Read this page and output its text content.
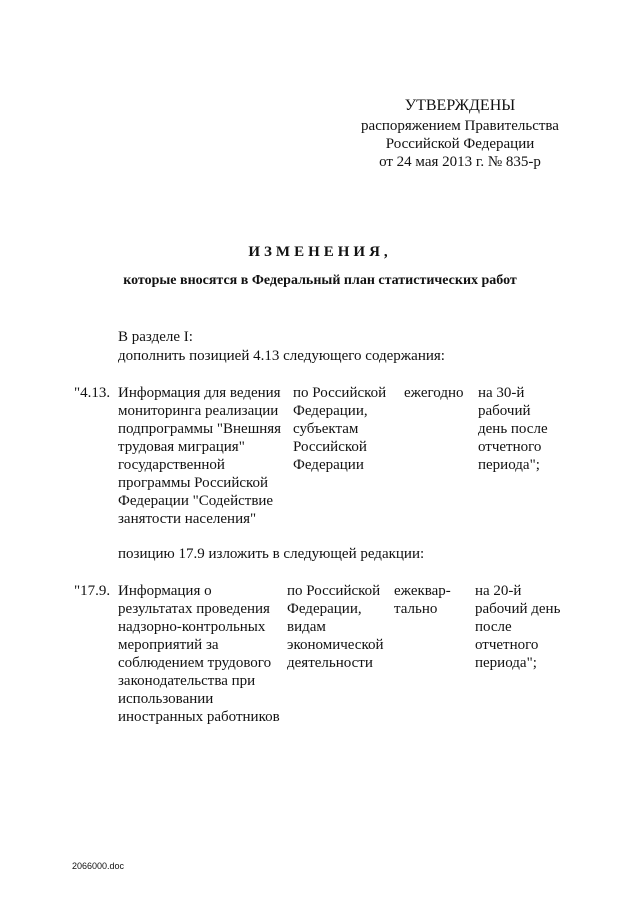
УТВЕРЖДЕНЫ
распоряжением Правительства
Российской Федерации
от 24 мая 2013 г. № 835-р
ИЗМЕНЕНИЯ,
которые вносятся в Федеральный план статистических работ
В разделе I:
дополнить позицией 4.13 следующего содержания:
"4.13. Информация для ведения
мониторинга реализации
подпрограммы "Внешняя
трудовая миграция"
государственной
программы Российской
Федерации "Содействие
занятости населения"
по Российской
Федерации,
субъектам
Российской
Федерации
ежегодно на 30-й
рабочий
день после
отчетного
периода";
позицию 17.9 изложить в следующей редакции:
"17.9. Информация о
результатах проведения
надзорно-контрольных
мероприятий за
соблюдением трудового
законодательства при
использовании
иностранных работников
по Российской
Федерации,
видам
экономической
деятельности
ежеквар-
тально
на 20-й
рабочий день
после
отчетного
периода";
2066000.doc
